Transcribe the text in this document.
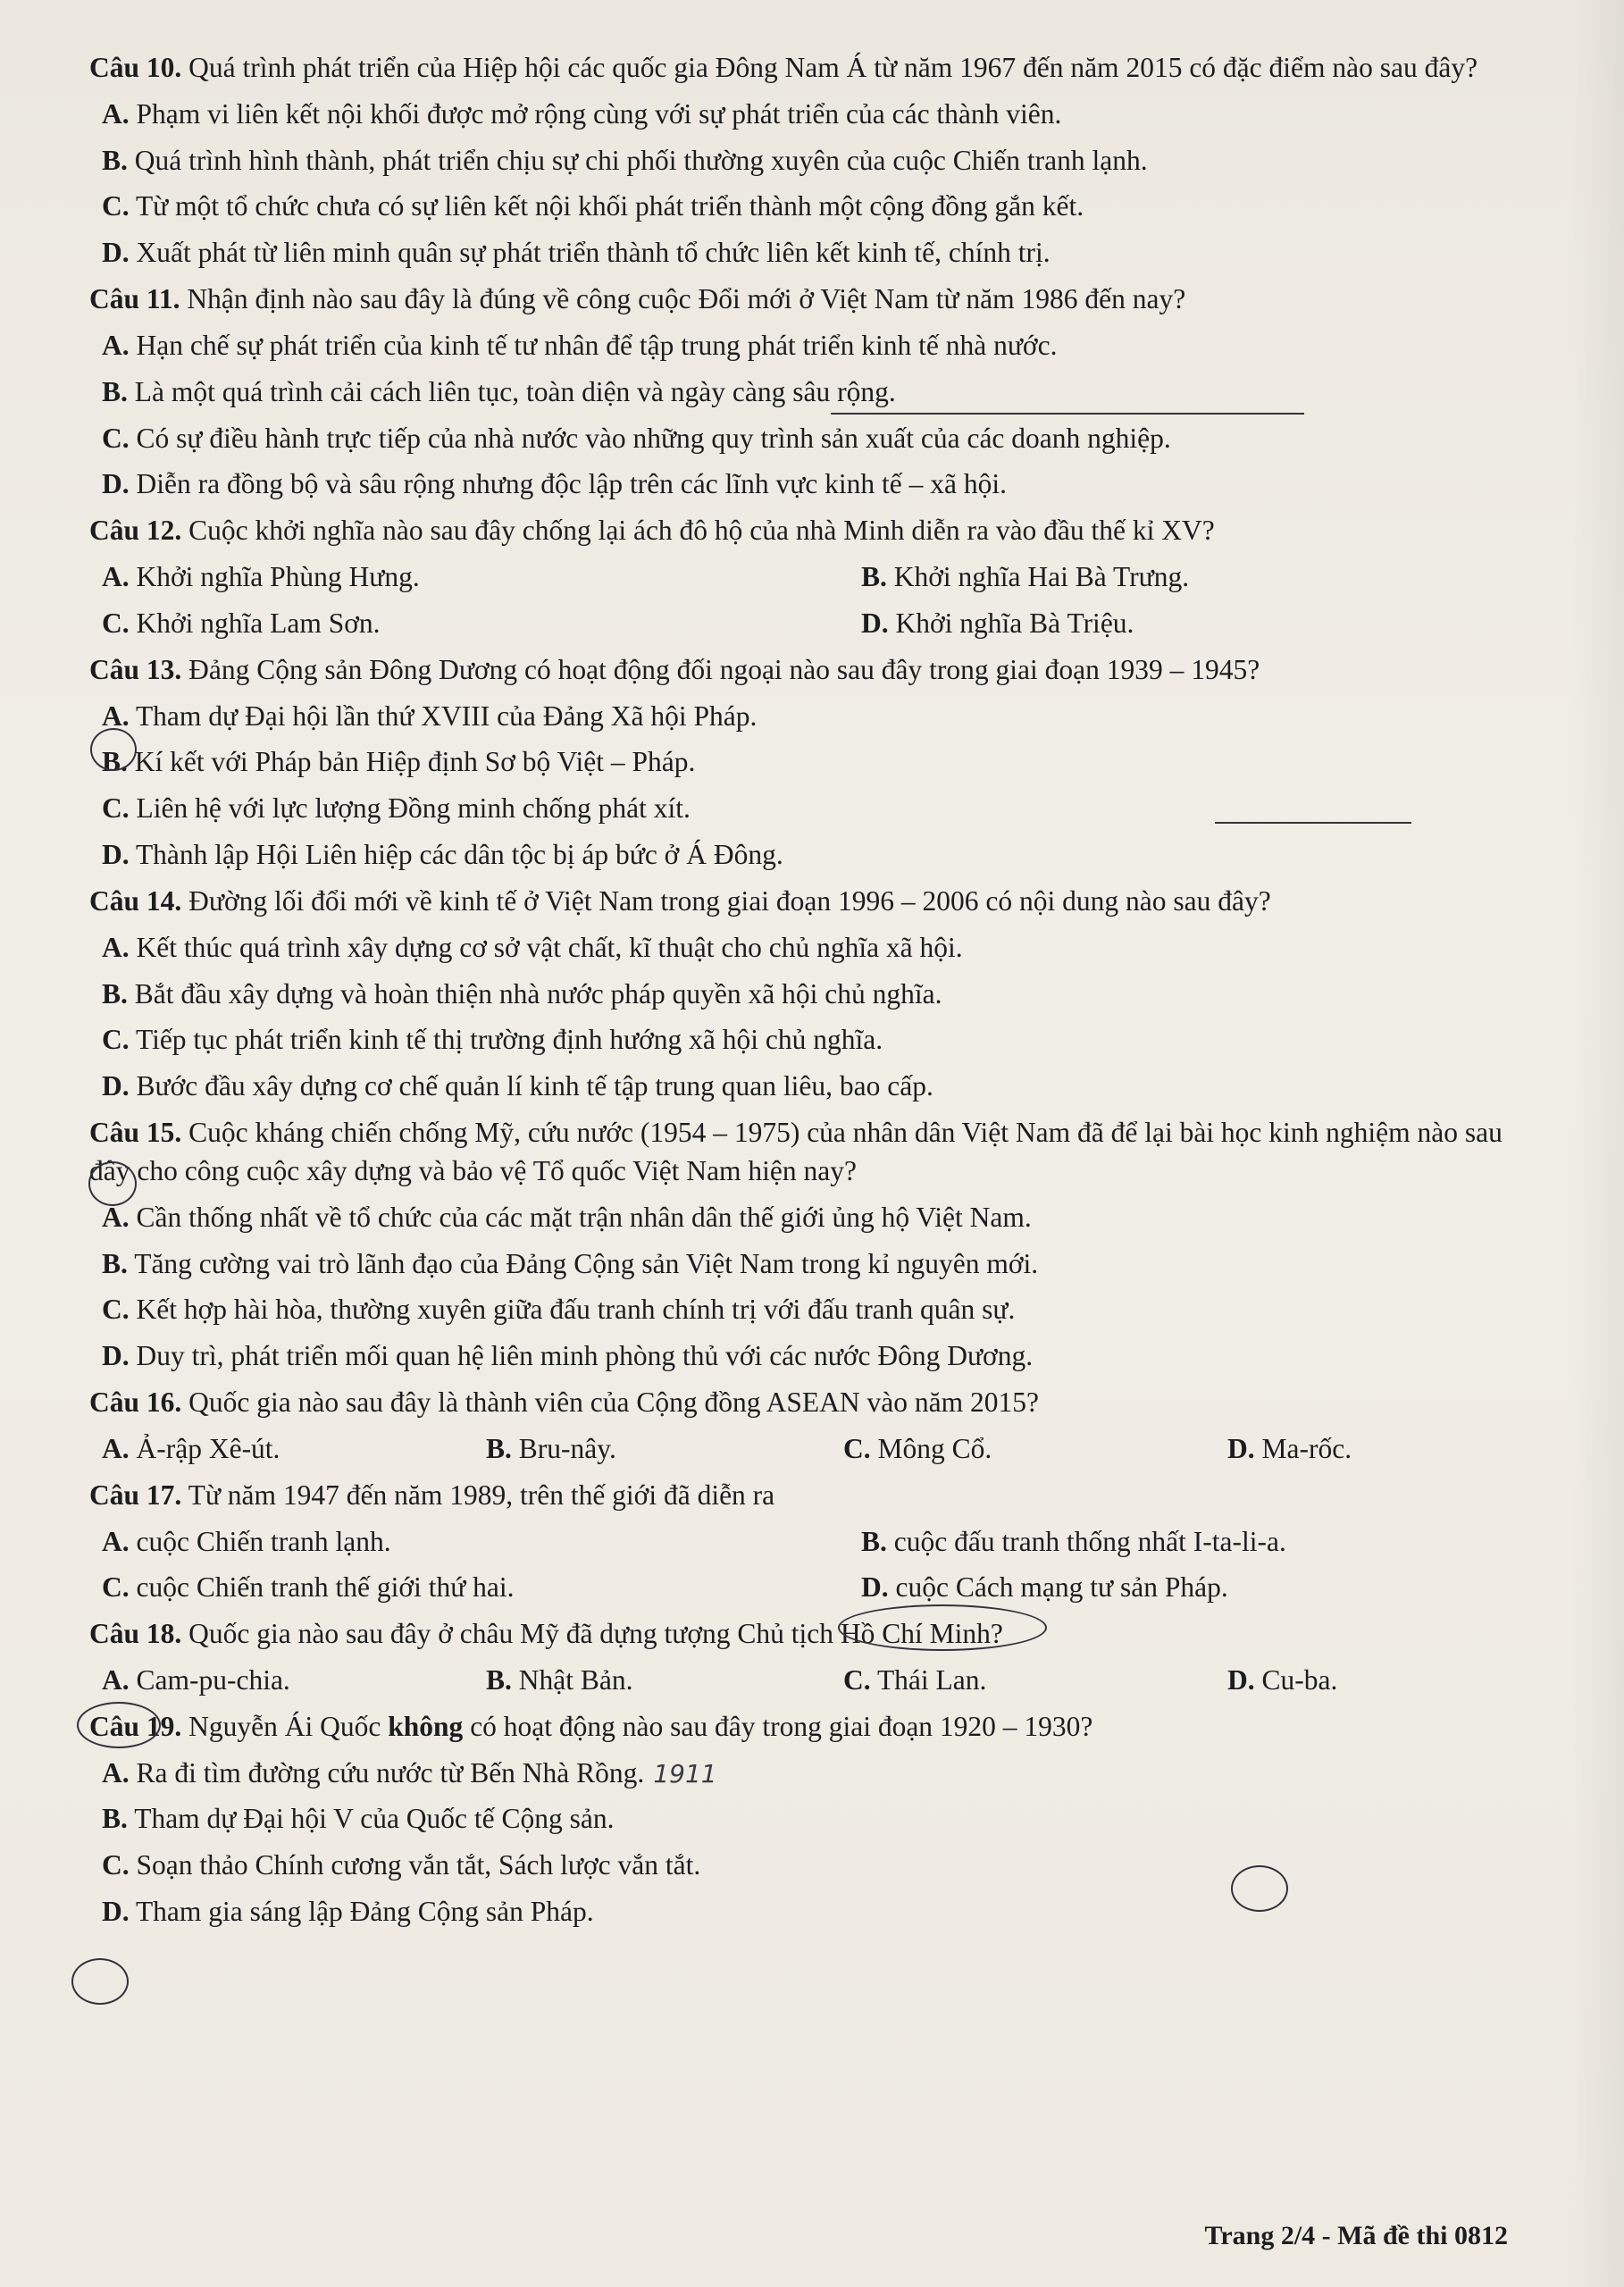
Câu 10. Quá trình phát triển của Hiệp hội các quốc gia Đông Nam Á từ năm 1967 đến năm 2015 có đặc điểm nào sau đây?
A. Phạm vi liên kết nội khối được mở rộng cùng với sự phát triển của các thành viên.
B. Quá trình hình thành, phát triển chịu sự chi phối thường xuyên của cuộc Chiến tranh lạnh.
C. Từ một tổ chức chưa có sự liên kết nội khối phát triển thành một cộng đồng gắn kết.
D. Xuất phát từ liên minh quân sự phát triển thành tổ chức liên kết kinh tế, chính trị.
Câu 11. Nhận định nào sau đây là đúng về công cuộc Đổi mới ở Việt Nam từ năm 1986 đến nay?
A. Hạn chế sự phát triển của kinh tế tư nhân để tập trung phát triển kinh tế nhà nước.
B. Là một quá trình cải cách liên tục, toàn diện và ngày càng sâu rộng.
C. Có sự điều hành trực tiếp của nhà nước vào những quy trình sản xuất của các doanh nghiệp.
D. Diễn ra đồng bộ và sâu rộng nhưng độc lập trên các lĩnh vực kinh tế – xã hội.
Câu 12. Cuộc khởi nghĩa nào sau đây chống lại ách đô hộ của nhà Minh diễn ra vào đầu thế kỉ XV?
A. Khởi nghĩa Phùng Hưng.	B. Khởi nghĩa Hai Bà Trưng.
C. Khởi nghĩa Lam Sơn.	D. Khởi nghĩa Bà Triệu.
Câu 13. Đảng Cộng sản Đông Dương có hoạt động đối ngoại nào sau đây trong giai đoạn 1939 – 1945?
A. Tham dự Đại hội lần thứ XVIII của Đảng Xã hội Pháp.
B. Kí kết với Pháp bản Hiệp định Sơ bộ Việt – Pháp.
C. Liên hệ với lực lượng Đồng minh chống phát xít.
D. Thành lập Hội Liên hiệp các dân tộc bị áp bức ở Á Đông.
Câu 14. Đường lối đổi mới về kinh tế ở Việt Nam trong giai đoạn 1996 – 2006 có nội dung nào sau đây?
A. Kết thúc quá trình xây dựng cơ sở vật chất, kĩ thuật cho chủ nghĩa xã hội.
B. Bắt đầu xây dựng và hoàn thiện nhà nước pháp quyền xã hội chủ nghĩa.
C. Tiếp tục phát triển kinh tế thị trường định hướng xã hội chủ nghĩa.
D. Bước đầu xây dựng cơ chế quản lí kinh tế tập trung quan liêu, bao cấp.
Câu 15. Cuộc kháng chiến chống Mỹ, cứu nước (1954 – 1975) của nhân dân Việt Nam đã để lại bài học kinh nghiệm nào sau đây cho công cuộc xây dựng và bảo vệ Tổ quốc Việt Nam hiện nay?
A. Cần thống nhất về tổ chức của các mặt trận nhân dân thế giới ủng hộ Việt Nam.
B. Tăng cường vai trò lãnh đạo của Đảng Cộng sản Việt Nam trong kỉ nguyên mới.
C. Kết hợp hài hòa, thường xuyên giữa đấu tranh chính trị với đấu tranh quân sự.
D. Duy trì, phát triển mối quan hệ liên minh phòng thủ với các nước Đông Dương.
Câu 16. Quốc gia nào sau đây là thành viên của Cộng đồng ASEAN vào năm 2015?
A. Ả-rập Xê-út.	B. Bru-nây.	C. Mông Cổ.	D. Ma-rốc.
Câu 17. Từ năm 1947 đến năm 1989, trên thế giới đã diễn ra
A. cuộc Chiến tranh lạnh.	B. cuộc đấu tranh thống nhất I-ta-li-a.
C. cuộc Chiến tranh thế giới thứ hai.	D. cuộc Cách mạng tư sản Pháp.
Câu 18. Quốc gia nào sau đây ở châu Mỹ đã dựng tượng Chủ tịch Hồ Chí Minh?
A. Cam-pu-chia.	B. Nhật Bản.	C. Thái Lan.	D. Cu-ba.
Câu 19. Nguyễn Ái Quốc không có hoạt động nào sau đây trong giai đoạn 1920 – 1930?
A. Ra đi tìm đường cứu nước từ Bến Nhà Rồng. 1911
B. Tham dự Đại hội V của Quốc tế Cộng sản.
C. Soạn thảo Chính cương vắn tắt, Sách lược vắn tắt.
D. Tham gia sáng lập Đảng Cộng sản Pháp.
Trang 2/4 - Mã đề thi 0812
